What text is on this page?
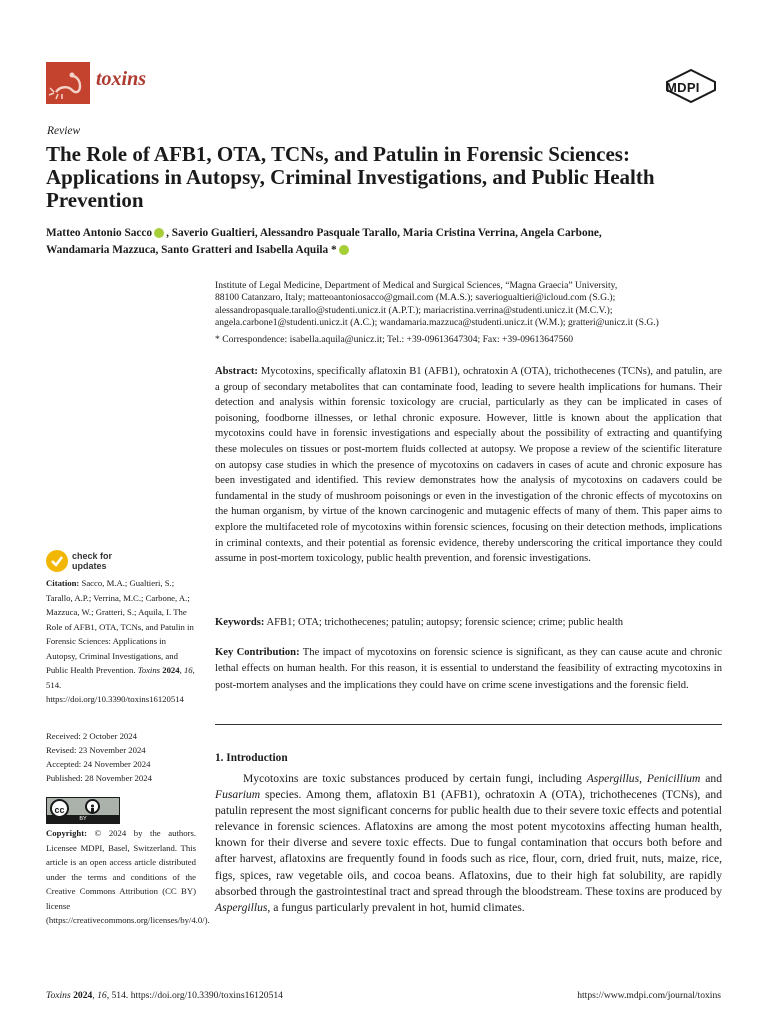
toxins	MDPI
Review
The Role of AFB1, OTA, TCNs, and Patulin in Forensic Sciences: Applications in Autopsy, Criminal Investigations, and Public Health Prevention
Matteo Antonio Sacco , Saverio Gualtieri, Alessandro Pasquale Tarallo, Maria Cristina Verrina, Angela Carbone,
Wandamaria Mazzuca, Santo Gratteri and Isabella Aquila *
Institute of Legal Medicine, Department of Medical and Surgical Sciences, “Magna Graecia” University,
88100 Catanzaro, Italy; matteoantoniosacco@gmail.com (M.A.S.); saveriogualtieri@icloud.com (S.G.);
alessandropasquale.tarallo@studenti.unicz.it (A.P.T.); mariacristina.verrina@studenti.unicz.it (M.C.V.);
angela.carbone1@studenti.unicz.it (A.C.); wandamaria.mazzuca@studenti.unicz.it (W.M.); gratteri@unicz.it (S.G.)
* Correspondence: isabella.aquila@unicz.it; Tel.: +39-09613647304; Fax: +39-09613647560
Abstract: Mycotoxins, specifically aflatoxin B1 (AFB1), ochratoxin A (OTA), trichothecenes (TCNs), and patulin, are a group of secondary metabolites that can contaminate food, leading to severe health implications for humans. Their detection and analysis within forensic toxicology are crucial, particularly as they can be implicated in cases of poisoning, foodborne illnesses, or lethal chronic exposure. However, little is known about the application that mycotoxins could have in forensic investigations and especially about the possibility of extracting and quantifying these molecules on tissues or post-mortem fluids collected at autopsy. We propose a review of the scientific literature on autopsy case studies in which the presence of mycotoxins on cadavers in cases of acute and chronic exposure has been investigated and identified. This review demonstrates how the analysis of mycotoxins on cadavers could be fundamental in the study of mushroom poisonings or even in the investigation of the chronic effects of mycotoxins on the human organism, by virtue of the known carcinogenic and mutagenic effects of many of them. This paper aims to explore the multifaceted role of mycotoxins within forensic sciences, focusing on their detection methods, implications in criminal contexts, and their potential as forensic evidence, thereby underscoring the critical importance they could assume in post-mortem toxicology, public health prevention, and forensic investigations.
Keywords: AFB1; OTA; trichothecenes; patulin; autopsy; forensic science; crime; public health
Key Contribution: The impact of mycotoxins on forensic science is significant, as they can cause acute and chronic lethal effects on human health. For this reason, it is essential to understand the feasibility of extracting mycotoxins in post-mortem analyses and the implications they could have on crime scene investigations and the forensic field.
check for
updates
Citation: Sacco, M.A.; Gualtieri, S.; Tarallo, A.P.; Verrina, M.C.; Carbone, A.; Mazzuca, W.; Gratteri, S.; Aquila, I. The Role of AFB1, OTA, TCNs, and Patulin in Forensic Sciences: Applications in Autopsy, Criminal Investigations, and Public Health Prevention. Toxins 2024, 16, 514. https://doi.org/10.3390/toxins16120514
Received: 2 October 2024
Revised: 23 November 2024
Accepted: 24 November 2024
Published: 28 November 2024
cc
BY
Copyright: © 2024 by the authors. Licensee MDPI, Basel, Switzerland. This article is an open access article distributed under the terms and conditions of the Creative Commons Attribution (CC BY) license (https://creativecommons.org/licenses/by/4.0/).
1. Introduction
Mycotoxins are toxic substances produced by certain fungi, including Aspergillus, Penicillium and Fusarium species. Among them, aflatoxin B1 (AFB1), ochratoxin A (OTA), trichothecenes (TCNs), and patulin represent the most significant concerns for public health due to their severe toxic effects and potential relevance in forensic sciences. Aflatoxins are among the most potent mycotoxins affecting human health, known for their diverse and severe toxic effects. Due to fungal contamination that occurs both before and after harvest, aflatoxins are frequently found in foods such as rice, flour, corn, dried fruit, nuts, maize, rice, figs, spices, raw vegetable oils, and cocoa beans. Aflatoxins, due to their high fat solubility, are rapidly absorbed through the gastrointestinal tract and spread through the bloodstream. These toxins are produced by Aspergillus, a fungus particularly prevalent in hot, humid climates.
Toxins 2024, 16, 514. https://doi.org/10.3390/toxins16120514	https://www.mdpi.com/journal/toxins
